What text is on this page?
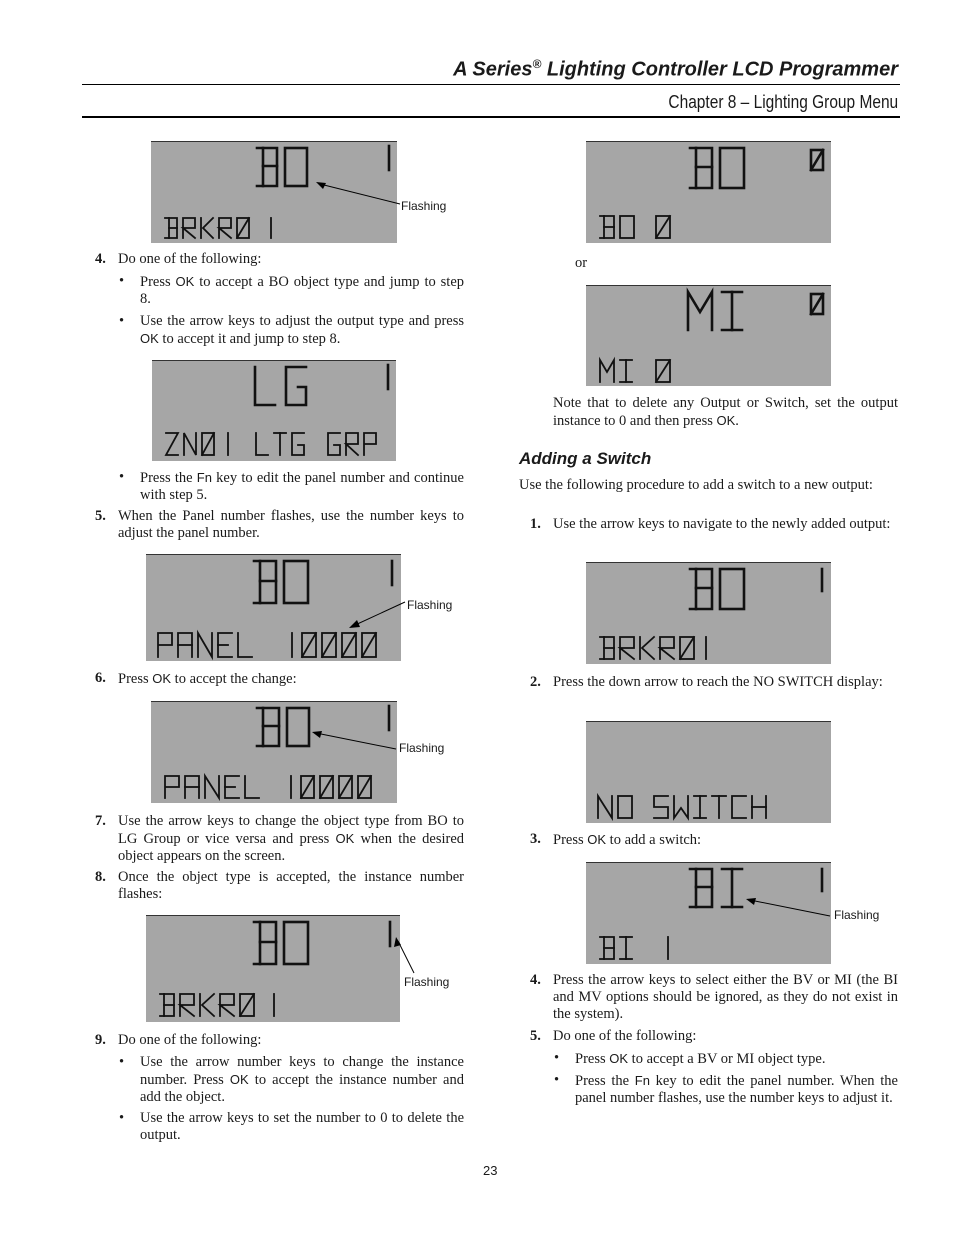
A Series® Lighting Controller LCD Programmer
Chapter 8 – Lighting Group Menu
Flashing
4. Do one of the following:
• Press OK to accept a BO object type and jump to step 8.
• Use the arrow keys to adjust the output type and press OK to accept it and jump to step 8.
• Press the Fn key to edit the panel number and continue with step 5.
5. When the Panel number flashes, use the number keys to adjust the panel number.
Flashing
6. Press OK to accept the change:
Flashing
7. Use the arrow keys to change the object type from BO to LG Group or vice versa and press OK when the desired object appears on the screen.
8. Once the object type is accepted, the instance number flashes:
Flashing
9. Do one of the following:
• Use the arrow number keys to change the instance number. Press OK to accept the instance number and add the object.
• Use the arrow keys to set the number to 0 to delete the output.
or
Note that to delete any Output or Switch, set the output instance to 0 and then press OK.
Adding a Switch
Use the following procedure to add a switch to a new output:
1. Use the arrow keys to navigate to the newly added output:
2. Press the down arrow to reach the NO SWITCH display:
3. Press OK to add a switch:
Flashing
4. Press the arrow keys to select either the BV or MI (the BI and MV options should be ignored, as they do not exist in the system).
5. Do one of the following:
• Press OK to accept a BV or MI object type.
• Press the Fn key to edit the panel number. When the panel number flashes, use the number keys to adjust it.
23
